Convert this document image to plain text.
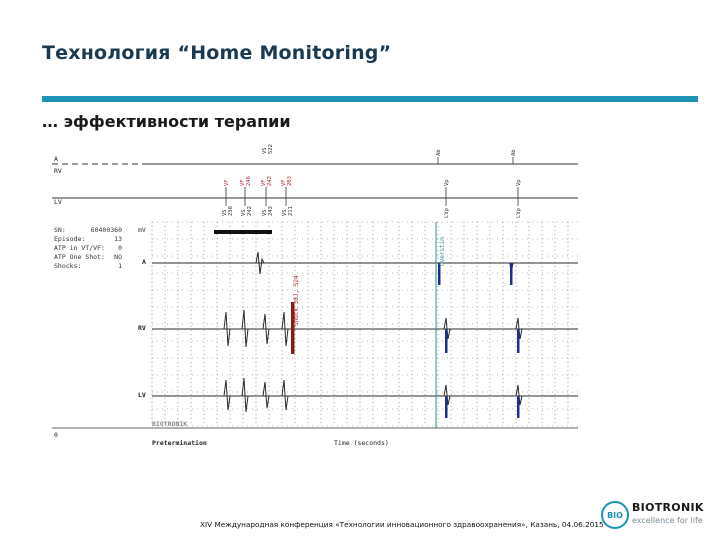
Технология “Home Monitoring”
… эффективности терапии
A
RV
LV
Ab	Ab
VS 522
VF VF 246 VF 242 VF 203	Vp	Vp
VS 238 VS 242 VS 243 VS 211	LVp	LVp
SN:	60400360
Episode:	13
ATP in VT/VF: 0
ATP One Shot: NO
Shocks:	1
mV
A
RV
LV
Shock 30J, 524
Overstim
BIOTRONIK
0
Pretermination	Time (seconds)
XIV Международная конференция «Технологии инновационного здравоохранения», Казань, 04.06.2015
BIO
BIOTRONIK
excellence for life
